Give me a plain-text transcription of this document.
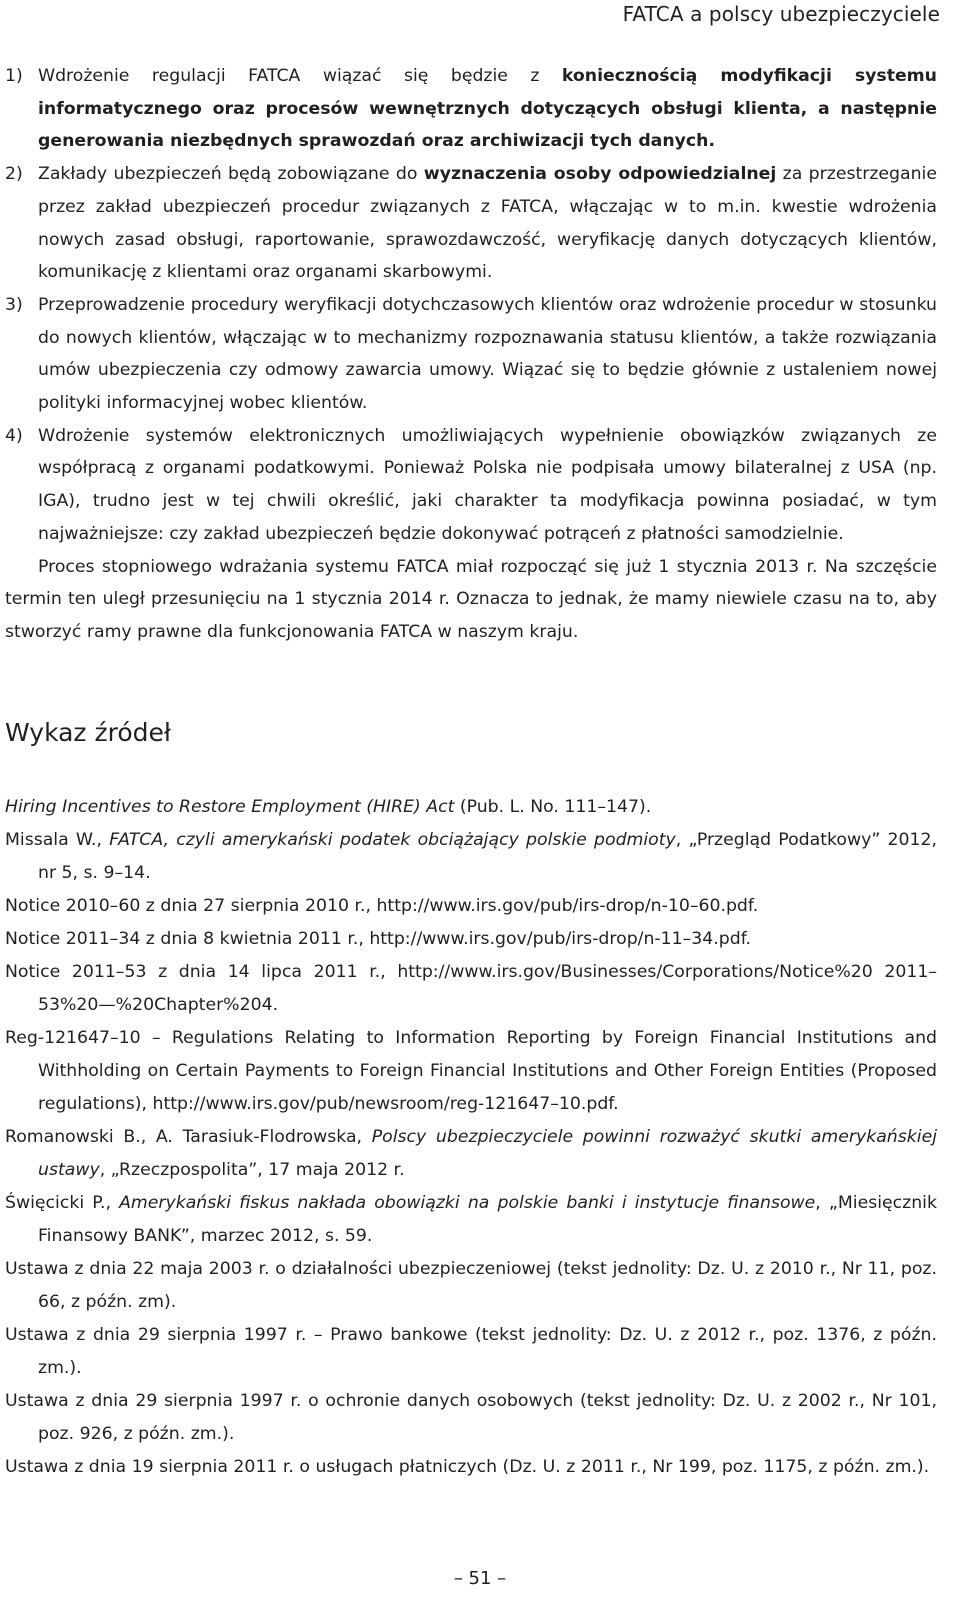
FATCA a polscy ubezpieczyciele
1) Wdrożenie regulacji FATCA wiązać się będzie z koniecznością modyfikacji systemu informatycznego oraz procesów wewnętrznych dotyczących obsługi klienta, a następnie generowania niezbędnych sprawozdań oraz archiwizacji tych danych.

2) Zakłady ubezpieczeń będą zobowiązane do wyznaczenia osoby odpowiedzialnej za przestrzeganie przez zakład ubezpieczeń procedur związanych z FATCA, włączając w to m.in. kwestie wdrożenia nowych zasad obsługi, raportowanie, sprawozdawczość, weryfikację danych dotyczących klientów, komunikację z klientami oraz organami skarbowymi.

3) Przeprowadzenie procedury weryfikacji dotychczasowych klientów oraz wdrożenie procedur w stosunku do nowych klientów, włączając w to mechanizmy rozpoznawania statusu klientów, a także rozwiązania umów ubezpieczenia czy odmowy zawarcia umowy. Wiązać się to będzie głównie z ustaleniem nowej polityki informacyjnej wobec klientów.

4) Wdrożenie systemów elektronicznych umożliwiających wypełnienie obowiązków związanych ze współpracą z organami podatkowymi. Ponieważ Polska nie podpisała umowy bilateralnej z USA (np. IGA), trudno jest w tej chwili określić, jaki charakter ta modyfikacja powinna posiadać, w tym najważniejsze: czy zakład ubezpieczeń będzie dokonywać potrąceń z płatności samodzielnie.

Proces stopniowego wdrażania systemu FATCA miał rozpocząć się już 1 stycznia 2013 r. Na szczęście termin ten uległ przesunięciu na 1 stycznia 2014 r. Oznacza to jednak, że mamy niewiele czasu na to, aby stworzyć ramy prawne dla funkcjonowania FATCA w naszym kraju.

Wykaz źródeł
Hiring Incentives to Restore Employment (HIRE) Act (Pub. L. No. 111–147).
Missala W., FATCA, czyli amerykański podatek obciążający polskie podmioty, „Przegląd Podatkowy” 2012, nr 5, s. 9–14.
Notice 2010–60 z dnia 27 sierpnia 2010 r., http://www.irs.gov/pub/irs-drop/n-10–60.pdf.
Notice 2011–34 z dnia 8 kwietnia 2011 r., http://www.irs.gov/pub/irs-drop/n-11–34.pdf.
Notice 2011–53 z dnia 14 lipca 2011 r., http://www.irs.gov/Businesses/Corporations/Notice%20 2011–53%20—%20Chapter%204.
Reg-121647–10 – Regulations Relating to Information Reporting by Foreign Financial Institutions and Withholding on Certain Payments to Foreign Financial Institutions and Other Foreign Entities (Proposed regulations), http://www.irs.gov/pub/newsroom/reg-121647–10.pdf.
Romanowski B., A. Tarasiuk-Flodrowska, Polscy ubezpieczyciele powinni rozważyć skutki amerykańskiej ustawy, „Rzeczpospolita”, 17 maja 2012 r.
Święcicki P., Amerykański fiskus nakłada obowiązki na polskie banki i instytucje finansowe, „Miesięcznik Finansowy BANK”, marzec 2012, s. 59.
Ustawa z dnia 22 maja 2003 r. o działalności ubezpieczeniowej (tekst jednolity: Dz. U. z 2010 r., Nr 11, poz. 66, z późn. zm).
Ustawa z dnia 29 sierpnia 1997 r. – Prawo bankowe (tekst jednolity: Dz. U. z 2012 r., poz. 1376, z późn. zm.).
Ustawa z dnia 29 sierpnia 1997 r. o ochronie danych osobowych (tekst jednolity: Dz. U. z 2002 r., Nr 101, poz. 926, z późn. zm.).
Ustawa z dnia 19 sierpnia 2011 r. o usługach płatniczych (Dz. U. z 2011 r., Nr 199, poz. 1175, z późn. zm.).
– 51 –
